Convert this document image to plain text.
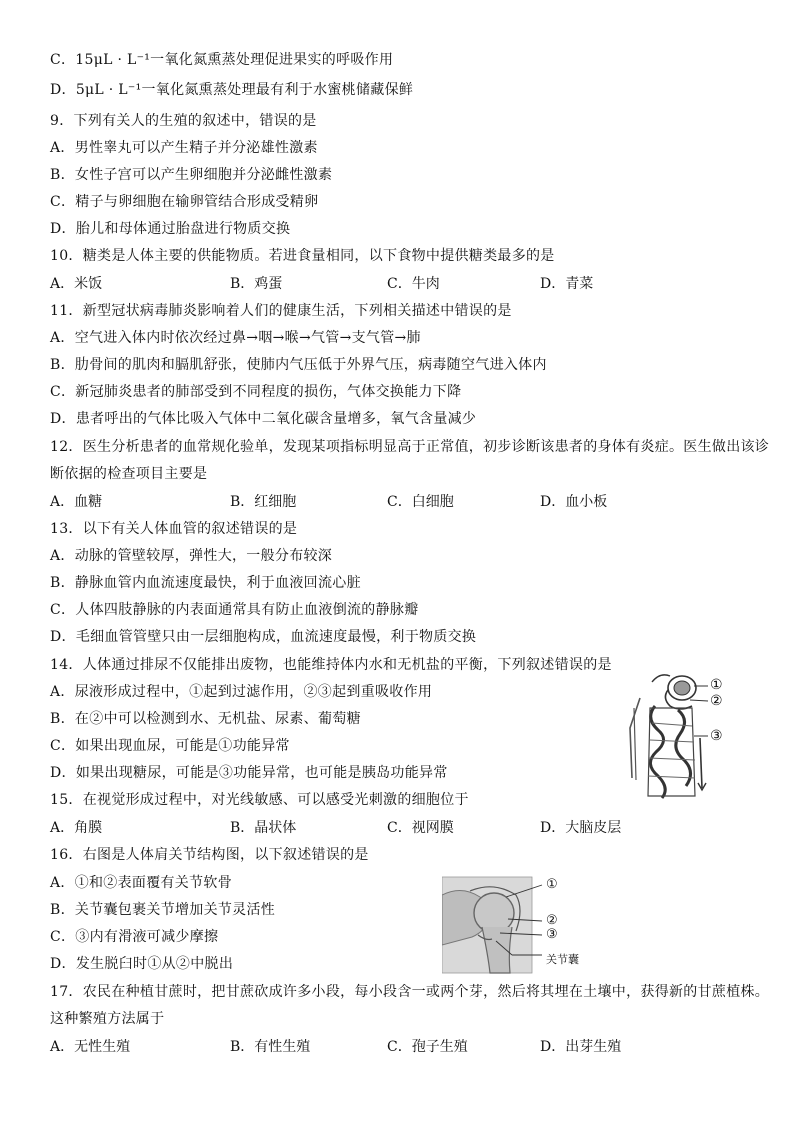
C．15μL · L⁻¹一氧化氮熏蒸处理促进果实的呼吸作用
D．5μL · L⁻¹一氧化氮熏蒸处理最有利于水蜜桃储藏保鲜
9．下列有关人的生殖的叙述中，错误的是
A．男性睾丸可以产生精子并分泌雄性激素
B．女性子宫可以产生卵细胞并分泌雌性激素
C．精子与卵细胞在输卵管结合形成受精卵
D．胎儿和母体通过胎盘进行物质交换
10．糖类是人体主要的供能物质。若进食量相同，以下食物中提供糖类最多的是
A．米饭	B．鸡蛋	C．牛肉	D．青菜
11．新型冠状病毒肺炎影响着人们的健康生活，下列相关描述中错误的是
A．空气进入体内时依次经过鼻→咽→喉→气管→支气管→肺
B．肋骨间的肌肉和膈肌舒张，使肺内气压低于外界气压，病毒随空气进入体内
C．新冠肺炎患者的肺部受到不同程度的损伤，气体交换能力下降
D．患者呼出的气体比吸入气体中二氧化碳含量增多，氧气含量减少
12．医生分析患者的血常规化验单，发现某项指标明显高于正常值，初步诊断该患者的身体有炎症。医生做出该诊
断依据的检查项目主要是
A．血糖	B．红细胞	C．白细胞	D．血小板
13．以下有关人体血管的叙述错误的是
A．动脉的管壁较厚，弹性大，一般分布较深
B．静脉血管内血流速度最快，利于血液回流心脏
C．人体四肢静脉的内表面通常具有防止血液倒流的静脉瓣
D．毛细血管管壁只由一层细胞构成，血流速度最慢，利于物质交换
14．人体通过排尿不仅能排出废物，也能维持体内水和无机盐的平衡，下列叙述错误的是
A．尿液形成过程中，①起到过滤作用，②③起到重吸收作用
B．在②中可以检测到水、无机盐、尿素、葡萄糖
C．如果出现血尿，可能是①功能异常
D．如果出现糖尿，可能是③功能异常，也可能是胰岛功能异常
15．在视觉形成过程中，对光线敏感、可以感受光刺激的细胞位于
A．角膜	B．晶状体	C．视网膜	D．大脑皮层
16．右图是人体肩关节结构图，以下叙述错误的是
A．①和②表面覆有关节软骨
B．关节囊包裹关节增加关节灵活性
C．③内有滑液可减少摩擦
D．发生脱臼时①从②中脱出
17．农民在种植甘蔗时，把甘蔗砍成许多小段，每小段含一或两个芽，然后将其埋在土壤中，获得新的甘蔗植株。
这种繁殖方法属于
A．无性生殖	B．有性生殖	C．孢子生殖	D．出芽生殖
①
②
③
①
②
③
关节囊
